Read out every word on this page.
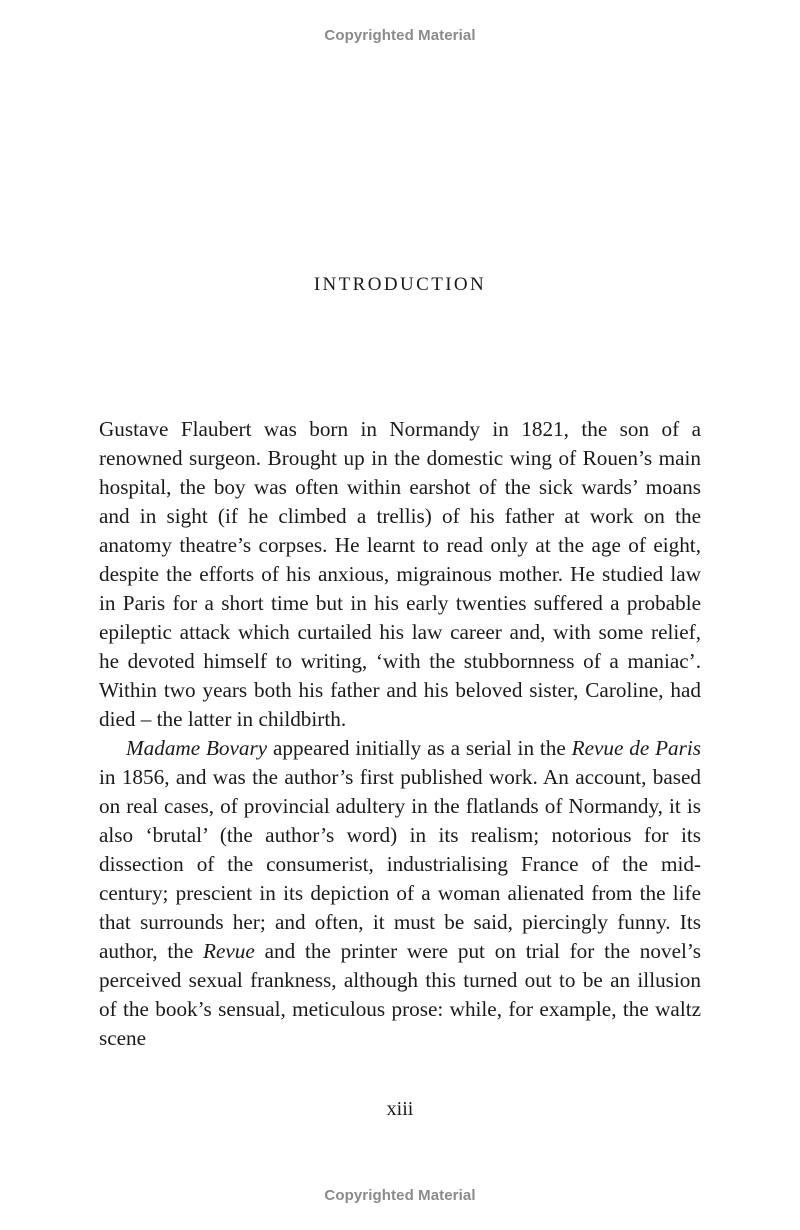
Copyrighted Material
INTRODUCTION

Gustave Flaubert was born in Normandy in 1821, the son of a renowned surgeon. Brought up in the domestic wing of Rouen’s main hospital, the boy was often within earshot of the sick wards’ moans and in sight (if he climbed a trellis) of his father at work on the anatomy theatre’s corpses. He learnt to read only at the age of eight, despite the efforts of his anxious, migrainous mother. He studied law in Paris for a short time but in his early twenties suffered a probable epileptic attack which curtailed his law career and, with some relief, he devoted himself to writing, ‘with the stubbornness of a maniac’. Within two years both his father and his beloved sister, Caroline, had died – the latter in childbirth.

Madame Bovary appeared initially as a serial in the Revue de Paris in 1856, and was the author’s first published work. An account, based on real cases, of provincial adultery in the flatlands of Normandy, it is also ‘brutal’ (the author’s word) in its realism; notorious for its dissection of the consumerist, industrialising France of the mid-century; prescient in its depiction of a woman alienated from the life that surrounds her; and often, it must be said, piercingly funny. Its author, the Revue and the printer were put on trial for the novel’s perceived sexual frankness, although this turned out to be an illusion of the book’s sensual, meticulous prose: while, for example, the waltz scene

xiii
Copyrighted Material
